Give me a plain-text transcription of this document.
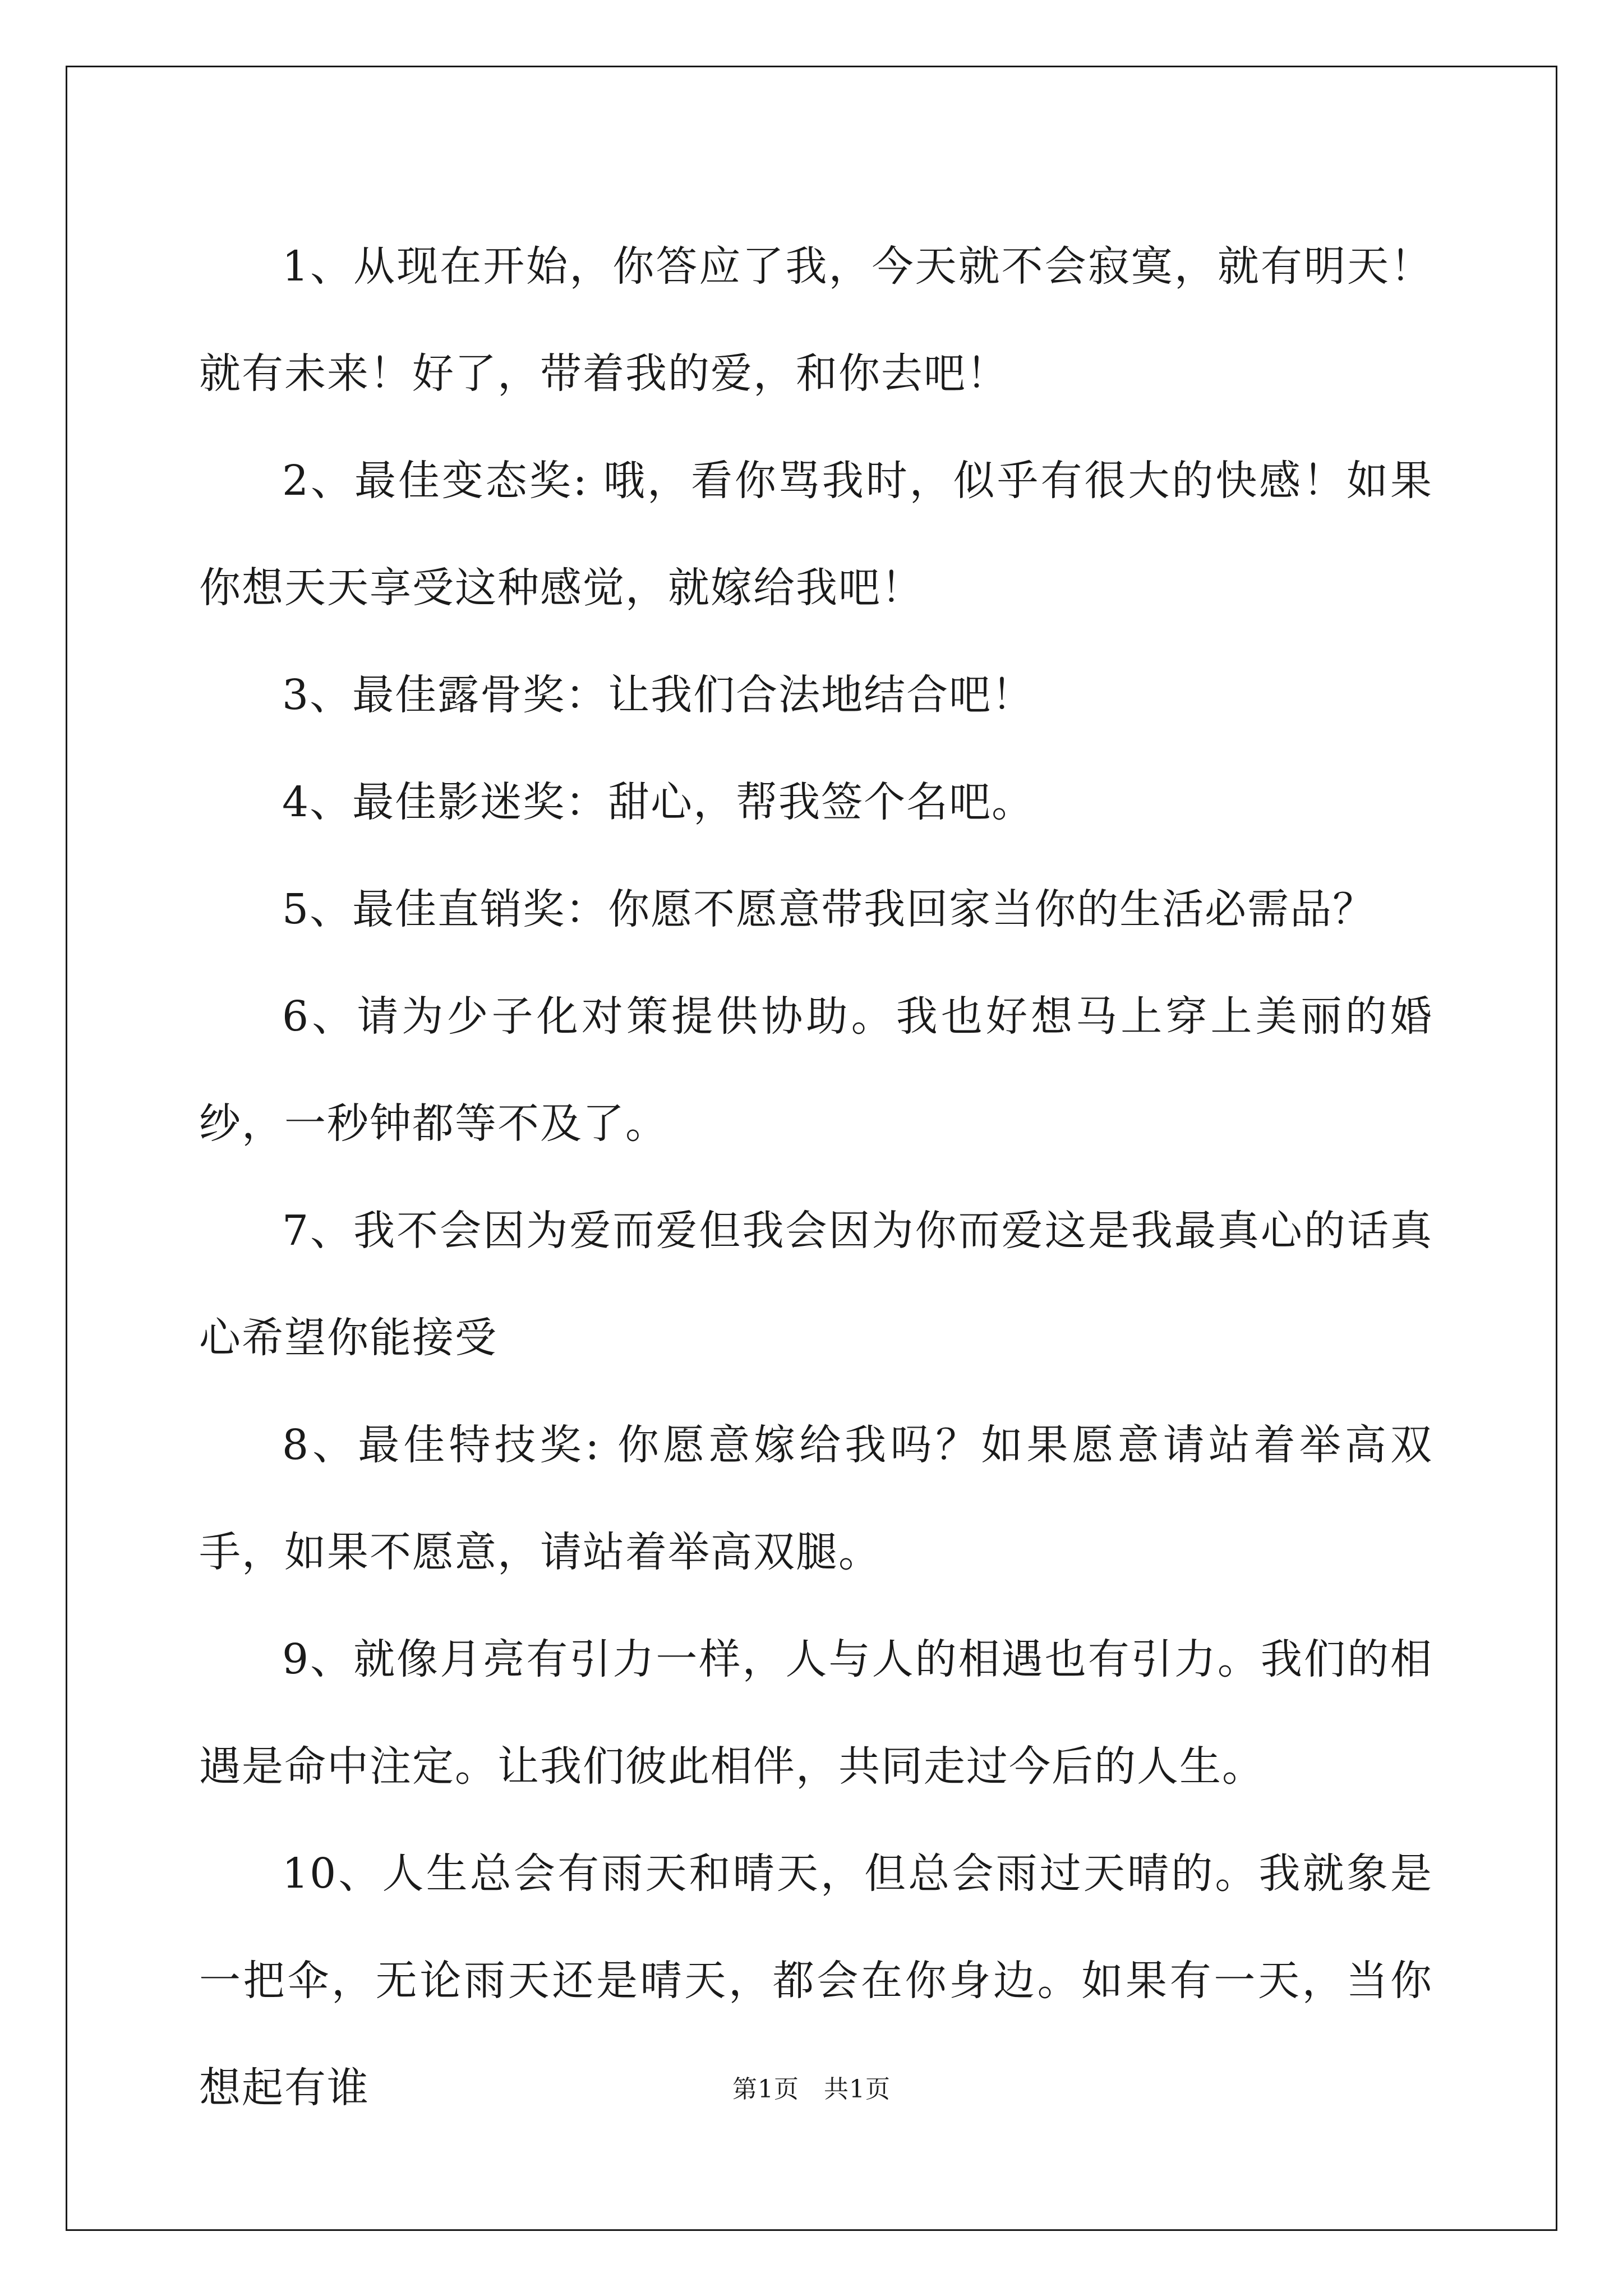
1、从现在开始，你答应了我，今天就不会寂寞，就有明天！就有未来！好了，带着我的爱，和你去吧！

2、最佳变态奖: 哦，看你骂我时，似乎有很大的快感！如果你想天天享受这种感觉，就嫁给我吧！

3、最佳露骨奖：让我们合法地结合吧！

4、最佳影迷奖：甜心，帮我签个名吧。

5、最佳直销奖：你愿不愿意带我回家当你的生活必需品？

6、请为少子化对策提供协助。我也好想马上穿上美丽的婚纱，一秒钟都等不及了。

7、我不会因为爱而爱但我会因为你而爱这是我最真心的话真心希望你能接受

8、最佳特技奖: 你愿意嫁给我吗？如果愿意请站着举高双手，如果不愿意，请站着举高双腿。

9、就像月亮有引力一样，人与人的相遇也有引力。我们的相遇是命中注定。让我们彼此相伴，共同走过今后的人生。

10、人生总会有雨天和晴天，但总会雨过天晴的。我就象是一把伞，无论雨天还是晴天，都会在你身边。如果有一天，当你想起有谁	第1页 共1页
